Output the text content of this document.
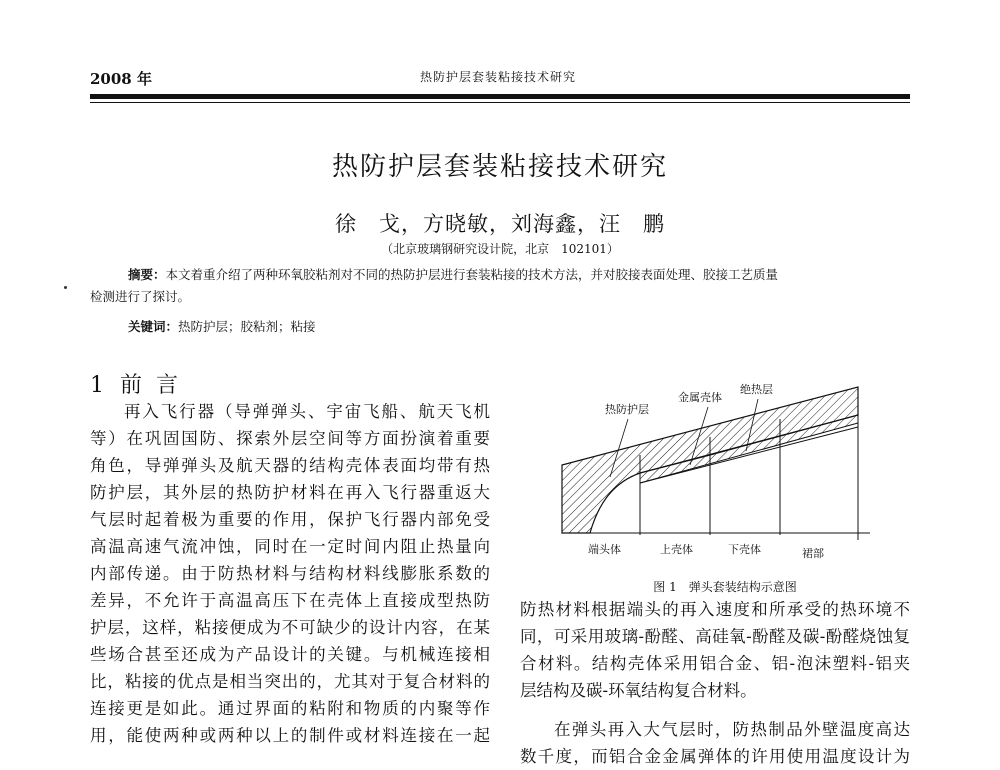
2008 年	热防护层套装粘接技术研究
热防护层套装粘接技术研究
徐　戈，方晓敏，刘海鑫，汪　鹏
（北京玻璃钢研究设计院，北京　102101）
摘要：本文着重介绍了两种环氧胶粘剂对不同的热防护层进行套装粘接的技术方法，并对胶接表面处理、胶接工艺质量
检测进行了探讨。
关键词：热防护层；胶粘剂；粘接
1 前言
再入飞行器（导弹弹头、宇宙飞船、航天飞机
等）在巩固国防、探索外层空间等方面扮演着重要
角色，导弹弹头及航天器的结构壳体表面均带有热
防护层，其外层的热防护材料在再入飞行器重返大
气层时起着极为重要的作用，保护飞行器内部免受
高温高速气流冲蚀，同时在一定时间内阻止热量向
内部传递。由于防热材料与结构材料线膨胀系数的
差异，不允许于高温高压下在壳体上直接成型热防
护层，这样，粘接便成为不可缺少的设计内容，在某
些场合甚至还成为产品设计的关键。与机械连接相
比，粘接的优点是相当突出的，尤其对于复合材料的
连接更是如此。通过界面的粘附和物质的内聚等作
用，能使两种或两种以上的制件或材料连接在一起
热防护层
金属壳体
绝热层
端头体	上壳体	下壳体	裙部
图 1　弹头套装结构示意图
防热材料根据端头的再入速度和所承受的热环境不
同，可采用玻璃-酚醛、高硅氧-酚醛及碳-酚醛烧蚀复
合材料。结构壳体采用铝合金、铝-泡沫塑料-铝夹
层结构及碳-环氧结构复合材料。
在弹头再入大气层时，防热制品外壁温度高达
数千度，而铝合金金属弹体的许用使用温度设计为
